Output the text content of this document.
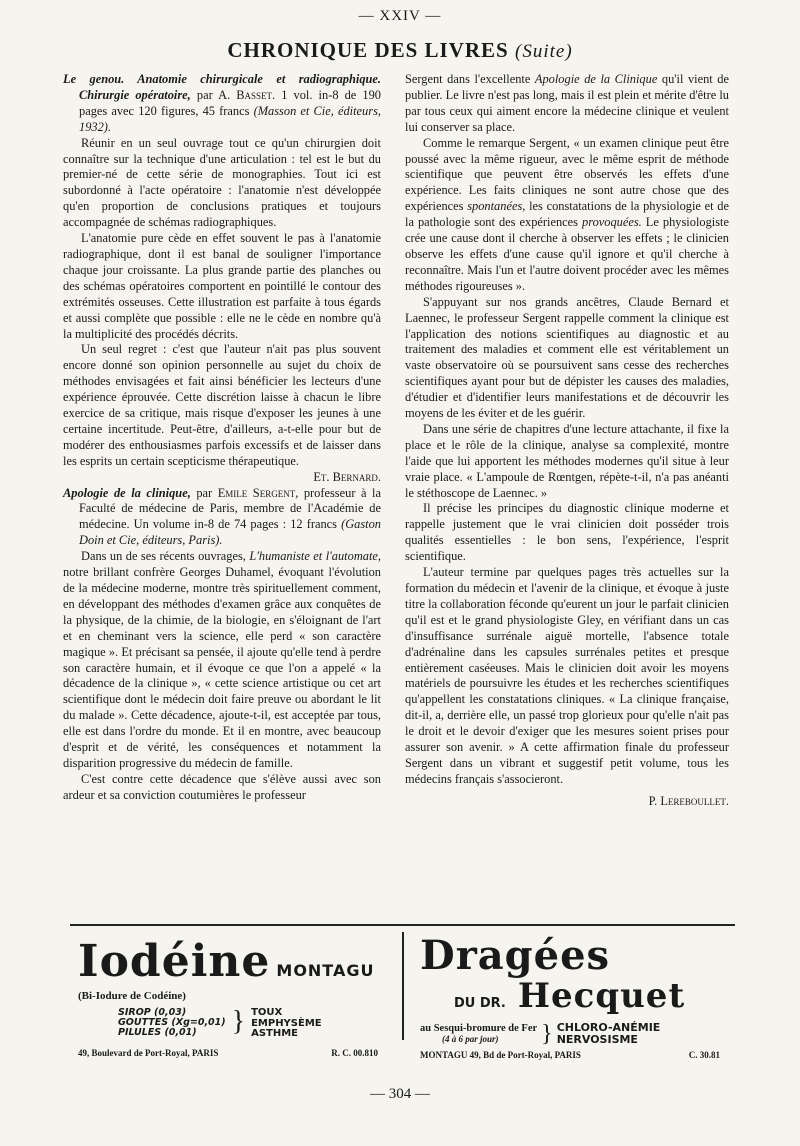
— XXIV —
CHRONIQUE DES LIVRES (Suite)

Le genou. Anatomie chirurgicale et radiographique. Chirurgie opératoire, par A. Basset. 1 vol. in-8 de 190 pages avec 120 figures, 45 francs (Masson et Cie, éditeurs, 1932).

Réunir en un seul ouvrage tout ce qu'un chirurgien doit connaître sur la technique d'une articulation : tel est le but du premier-né de cette série de monographies. Tout ici est subordonné à l'acte opératoire : l'anatomie n'est développée qu'en proportion de conclusions pratiques et toujours accompagnée de schémas radiographiques.

L'anatomie pure cède en effet souvent le pas à l'anatomie radiographique, dont il est banal de souligner l'importance chaque jour croissante. La plus grande partie des planches ou des schémas opératoires comportent en pointillé le contour des extrémités osseuses. Cette illustration est parfaite à tous égards et aussi complète que possible : elle ne le cède en nombre qu'à la multiplicité des procédés décrits.

Un seul regret : c'est que l'auteur n'ait pas plus souvent encore donné son opinion personnelle au sujet du choix de méthodes envisagées et fait ainsi bénéficier les lecteurs d'une expérience éprouvée. Cette discrétion laisse à chacun le libre exercice de sa critique, mais risque d'exposer les jeunes à une certaine incertitude. Peut-être, d'ailleurs, a-t-elle pour but de modérer des enthousiasmes parfois excessifs et de laisser dans les esprits un certain scepticisme thérapeutique.

Et. Bernard.

Apologie de la clinique, par Emile Sergent, professeur à la Faculté de médecine de Paris, membre de l'Académie de médecine. Un volume in-8 de 74 pages : 12 francs (Gaston Doin et Cie, éditeurs, Paris).

Dans un de ses récents ouvrages, L'humaniste et l'automate, notre brillant confrère Georges Duhamel, évoquant l'évolution de la médecine moderne, montre très spirituellement comment, en développant des méthodes d'examen grâce aux conquêtes de la physique, de la chimie, de la biologie, en s'éloignant de l'art et en cheminant vers la science, elle perd « son caractère magique ». Et précisant sa pensée, il ajoute qu'elle tend à perdre son caractère humain, et il évoque ce que l'on a appelé « la décadence de la clinique », « cette science artistique ou cet art scientifique dont le médecin doit faire preuve ou abordant le lit du malade ». Cette décadence, ajoute-t-il, est acceptée par tous, elle est dans l'ordre du monde. Et il en montre, avec beaucoup d'esprit et de vérité, les conséquences et notamment la disparition progressive du médecin de famille.

C'est contre cette décadence que s'élève aussi avec son ardeur et sa conviction coutumières le professeur

Sergent dans l'excellente Apologie de la Clinique qu'il vient de publier. Le livre n'est pas long, mais il est plein et mérite d'être lu par tous ceux qui aiment encore la médecine clinique et veulent lui conserver sa place.

Comme le remarque Sergent, « un examen clinique peut être poussé avec la même rigueur, avec le même esprit de méthode scientifique que peuvent être observés les effets d'une expérience. Les faits cliniques ne sont autre chose que des expériences spontanées, les constatations de la physiologie et de la pathologie sont des expériences provoquées. Le physiologiste crée une cause dont il cherche à observer les effets ; le clinicien observe les effets d'une cause qu'il ignore et qu'il cherche à reconnaître. Mais l'un et l'autre doivent procéder avec les mêmes méthodes rigoureuses ».

S'appuyant sur nos grands ancêtres, Claude Bernard et Laennec, le professeur Sergent rappelle comment la clinique est l'application des notions scientifiques au diagnostic et au traitement des maladies et comment elle est véritablement un vaste observatoire où se poursuivent sans cesse des recherches scientifiques ayant pour but de dépister les causes des maladies, d'étudier et d'identifier leurs manifestations et de découvrir les moyens de les éviter et de les guérir.

Dans une série de chapitres d'une lecture attachante, il fixe la place et le rôle de la clinique, analyse sa complexité, montre l'aide que lui apportent les méthodes modernes qu'il situe à leur vraie place. « L'ampoule de Rœntgen, répète-t-il, n'a pas anéanti le stéthoscope de Laennec. »

Il précise les principes du diagnostic clinique moderne et rappelle justement que le vrai clinicien doit posséder trois qualités essentielles : le bon sens, l'expérience, l'esprit scientifique.

L'auteur termine par quelques pages très actuelles sur la formation du médecin et l'avenir de la clinique, et évoque à juste titre la collaboration féconde qu'eurent un jour le parfait clinicien qu'il est et le grand physiologiste Gley, en vérifiant dans un cas d'insuffisance surrénale aiguë mortelle, l'absence totale d'adrénaline dans les capsules surrénales petites et presque entièrement caséeuses. Mais le clinicien doit avoir les moyens matériels de poursuivre les études et les recherches scientifiques qu'appellent les constatations cliniques. « La clinique française, dit-il, a, derrière elle, un passé trop glorieux pour qu'elle n'ait pas le droit et le devoir d'exiger que les mesures soient prises pour assurer son avenir. » A cette affirmation finale du professeur Sergent dans un vibrant et suggestif petit volume, tous les médecins français s'associeront.

P. Lereboullet.

Iodéine MONTAGU
(Bi-Iodure de Codéine)
SIROP (0,03)
GOUTTES (Xg=0,01)
PILULES (0,01)	} TOUX
EMPHYSÈME
ASTHME
49, Boulevard de Port-Royal, PARIS	R. C. 00.810
Dragées
DU DR. Hecquet
au Sesqui-bromure de Fer
(4 à 6 par jour)	} CHLORO-ANÉMIE
NERVOSISME
MONTAGU 49, Bd de Port-Royal, PARIS	C. 30.81
— 304 —
